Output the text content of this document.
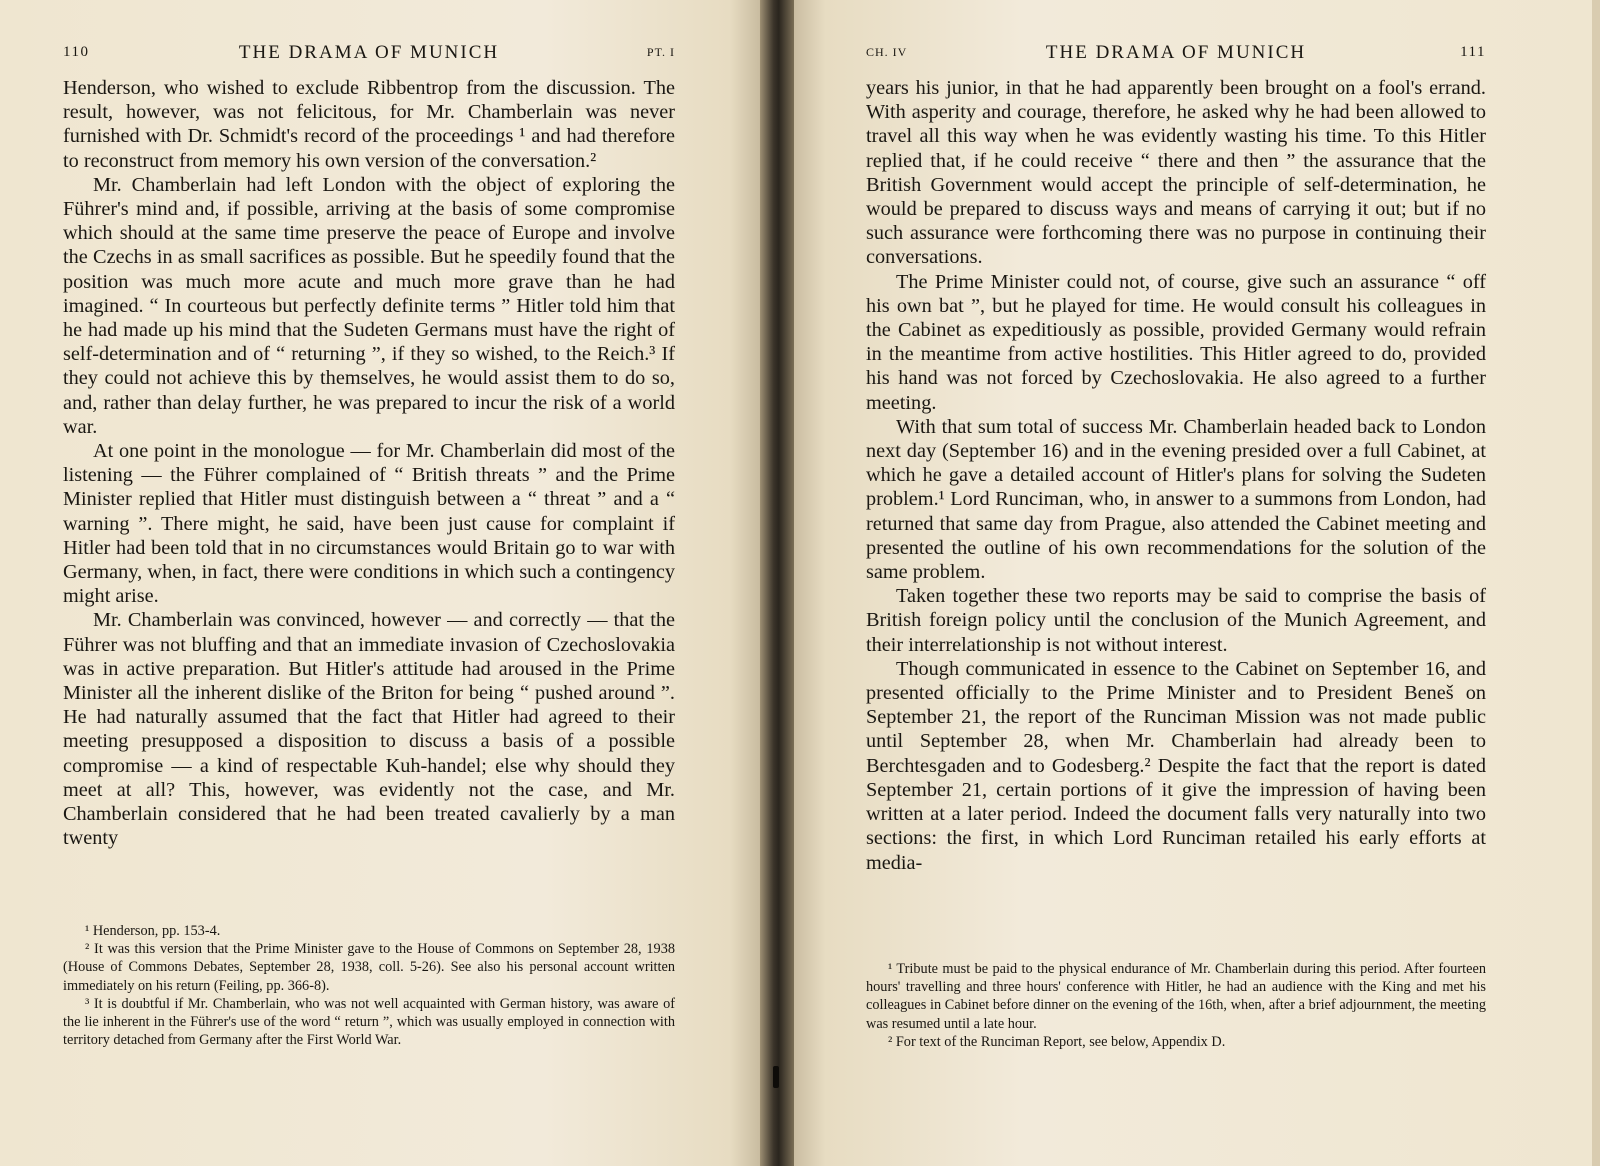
110	THE DRAMA OF MUNICH	PT. I

Henderson, who wished to exclude Ribbentrop from the discussion. The result, however, was not felicitous, for Mr. Chamberlain was never furnished with Dr. Schmidt's record of the proceedings ¹ and had therefore to reconstruct from memory his own version of the conversation.²

Mr. Chamberlain had left London with the object of exploring the Führer's mind and, if possible, arriving at the basis of some compromise which should at the same time preserve the peace of Europe and involve the Czechs in as small sacrifices as possible. But he speedily found that the position was much more acute and much more grave than he had imagined. “ In courteous but perfectly definite terms ” Hitler told him that he had made up his mind that the Sudeten Germans must have the right of self-determination and of “ returning ”, if they so wished, to the Reich.³ If they could not achieve this by themselves, he would assist them to do so, and, rather than delay further, he was prepared to incur the risk of a world war.

At one point in the monologue — for Mr. Chamberlain did most of the listening — the Führer complained of “ British threats ” and the Prime Minister replied that Hitler must distinguish between a “ threat ” and a “ warning ”. There might, he said, have been just cause for complaint if Hitler had been told that in no circumstances would Britain go to war with Germany, when, in fact, there were conditions in which such a contingency might arise.

Mr. Chamberlain was convinced, however — and correctly — that the Führer was not bluffing and that an immediate invasion of Czechoslovakia was in active preparation. But Hitler's attitude had aroused in the Prime Minister all the inherent dislike of the Briton for being “ pushed around ”. He had naturally assumed that the fact that Hitler had agreed to their meeting presupposed a disposition to discuss a basis of a possible compromise — a kind of respectable Kuh-handel; else why should they meet at all? This, however, was evidently not the case, and Mr. Chamberlain considered that he had been treated cavalierly by a man twenty

¹ Henderson, pp. 153-4.

² It was this version that the Prime Minister gave to the House of Commons on September 28, 1938 (House of Commons Debates, September 28, 1938, coll. 5-26). See also his personal account written immediately on his return (Feiling, pp. 366-8).

³ It is doubtful if Mr. Chamberlain, who was not well acquainted with German history, was aware of the lie inherent in the Führer's use of the word “ return ”, which was usually employed in connection with territory detached from Germany after the First World War.

CH. IV	THE DRAMA OF MUNICH	111

years his junior, in that he had apparently been brought on a fool's errand. With asperity and courage, therefore, he asked why he had been allowed to travel all this way when he was evidently wasting his time. To this Hitler replied that, if he could receive “ there and then ” the assurance that the British Government would accept the principle of self-determination, he would be prepared to discuss ways and means of carrying it out; but if no such assurance were forthcoming there was no purpose in continuing their conversations.

The Prime Minister could not, of course, give such an assurance “ off his own bat ”, but he played for time. He would consult his colleagues in the Cabinet as expeditiously as possible, provided Germany would refrain in the meantime from active hostilities. This Hitler agreed to do, provided his hand was not forced by Czechoslovakia. He also agreed to a further meeting.

With that sum total of success Mr. Chamberlain headed back to London next day (September 16) and in the evening presided over a full Cabinet, at which he gave a detailed account of Hitler's plans for solving the Sudeten problem.¹ Lord Runciman, who, in answer to a summons from London, had returned that same day from Prague, also attended the Cabinet meeting and presented the outline of his own recommendations for the solution of the same problem.

Taken together these two reports may be said to comprise the basis of British foreign policy until the conclusion of the Munich Agreement, and their interrelationship is not without interest.

Though communicated in essence to the Cabinet on September 16, and presented officially to the Prime Minister and to President Beneš on September 21, the report of the Runciman Mission was not made public until September 28, when Mr. Chamberlain had already been to Berchtesgaden and to Godesberg.² Despite the fact that the report is dated September 21, certain portions of it give the impression of having been written at a later period. Indeed the document falls very naturally into two sections: the first, in which Lord Runciman retailed his early efforts at media-

¹ Tribute must be paid to the physical endurance of Mr. Chamberlain during this period. After fourteen hours' travelling and three hours' conference with Hitler, he had an audience with the King and met his colleagues in Cabinet before dinner on the evening of the 16th, when, after a brief adjournment, the meeting was resumed until a late hour.

² For text of the Runciman Report, see below, Appendix D.
